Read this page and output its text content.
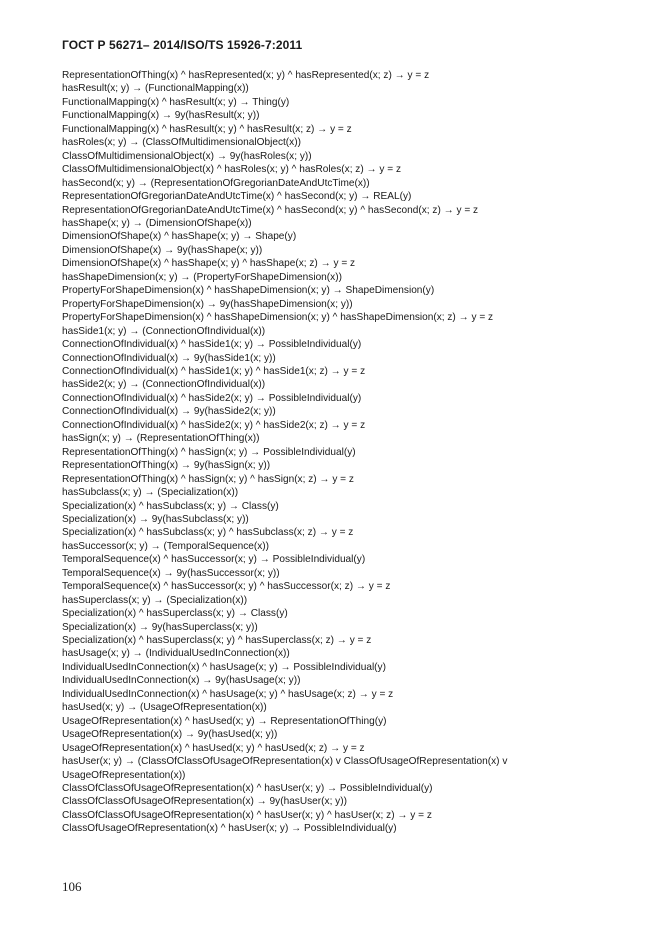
ГОСТ Р 56271– 2014/ISO/TS 15926-7:2011
RepresentationOfThing(x) ^ hasRepresented(x; y) ^ hasRepresented(x; z) → y = z
hasResult(x; y) → (FunctionalMapping(x))
FunctionalMapping(x) ^ hasResult(x; y) → Thing(y)
FunctionalMapping(x) → 9y(hasResult(x; y))
FunctionalMapping(x) ^ hasResult(x; y) ^ hasResult(x; z) → y = z
hasRoles(x; y) → (ClassOfMultidimensionalObject(x))
ClassOfMultidimensionalObject(x) → 9y(hasRoles(x; y))
ClassOfMultidimensionalObject(x) ^ hasRoles(x; y) ^ hasRoles(x; z) → y = z
hasSecond(x; y) → (RepresentationOfGregorianDateAndUtcTime(x))
RepresentationOfGregorianDateAndUtcTime(x) ^ hasSecond(x; y) → REAL(y)
RepresentationOfGregorianDateAndUtcTime(x) ^ hasSecond(x; y) ^ hasSecond(x; z) → y = z
hasShape(x; y) → (DimensionOfShape(x))
DimensionOfShape(x) ^ hasShape(x; y) → Shape(y)
DimensionOfShape(x) → 9y(hasShape(x; y))
DimensionOfShape(x) ^ hasShape(x; y) ^ hasShape(x; z) → y = z
hasShapeDimension(x; y) → (PropertyForShapeDimension(x))
PropertyForShapeDimension(x) ^ hasShapeDimension(x; y) → ShapeDimension(y)
PropertyForShapeDimension(x) → 9y(hasShapeDimension(x; y))
PropertyForShapeDimension(x) ^ hasShapeDimension(x; y) ^ hasShapeDimension(x; z) → y = z
hasSide1(x; y) → (ConnectionOfIndividual(x))
ConnectionOfIndividual(x) ^ hasSide1(x; y) → PossibleIndividual(y)
ConnectionOfIndividual(x) → 9y(hasSide1(x; y))
ConnectionOfIndividual(x) ^ hasSide1(x; y) ^ hasSide1(x; z) → y = z
hasSide2(x; y) → (ConnectionOfIndividual(x))
ConnectionOfIndividual(x) ^ hasSide2(x; y) → PossibleIndividual(y)
ConnectionOfIndividual(x) → 9y(hasSide2(x; y))
ConnectionOfIndividual(x) ^ hasSide2(x; y) ^ hasSide2(x; z) → y = z
hasSign(x; y) → (RepresentationOfThing(x))
RepresentationOfThing(x) ^ hasSign(x; y) → PossibleIndividual(y)
RepresentationOfThing(x) → 9y(hasSign(x; y))
RepresentationOfThing(x) ^ hasSign(x; y) ^ hasSign(x; z) → y = z
hasSubclass(x; y) → (Specialization(x))
Specialization(x) ^ hasSubclass(x; y) → Class(y)
Specialization(x) → 9y(hasSubclass(x; y))
Specialization(x) ^ hasSubclass(x; y) ^ hasSubclass(x; z) → y = z
hasSuccessor(x; y) → (TemporalSequence(x))
TemporalSequence(x) ^ hasSuccessor(x; y) → PossibleIndividual(y)
TemporalSequence(x) → 9y(hasSuccessor(x; y))
TemporalSequence(x) ^ hasSuccessor(x; y) ^ hasSuccessor(x; z) → y = z
hasSuperclass(x; y) → (Specialization(x))
Specialization(x) ^ hasSuperclass(x; y) → Class(y)
Specialization(x) → 9y(hasSuperclass(x; y))
Specialization(x) ^ hasSuperclass(x; y) ^ hasSuperclass(x; z) → y = z
hasUsage(x; y) → (IndividualUsedInConnection(x))
IndividualUsedInConnection(x) ^ hasUsage(x; y) → PossibleIndividual(y)
IndividualUsedInConnection(x) → 9y(hasUsage(x; y))
IndividualUsedInConnection(x) ^ hasUsage(x; y) ^ hasUsage(x; z) → y = z
hasUsed(x; y) → (UsageOfRepresentation(x))
UsageOfRepresentation(x) ^ hasUsed(x; y) → RepresentationOfThing(y)
UsageOfRepresentation(x) → 9y(hasUsed(x; y))
UsageOfRepresentation(x) ^ hasUsed(x; y) ^ hasUsed(x; z) → y = z
hasUser(x; y) → (ClassOfClassOfUsageOfRepresentation(x) v ClassOfUsageOfRepresentation(x) v UsageOfRepresentation(x))
ClassOfClassOfUsageOfRepresentation(x) ^ hasUser(x; y) → PossibleIndividual(y)
ClassOfClassOfUsageOfRepresentation(x) → 9y(hasUser(x; y))
ClassOfClassOfUsageOfRepresentation(x) ^ hasUser(x; y) ^ hasUser(x; z) → y = z
ClassOfUsageOfRepresentation(x) ^ hasUser(x; y) → PossibleIndividual(y)
106
